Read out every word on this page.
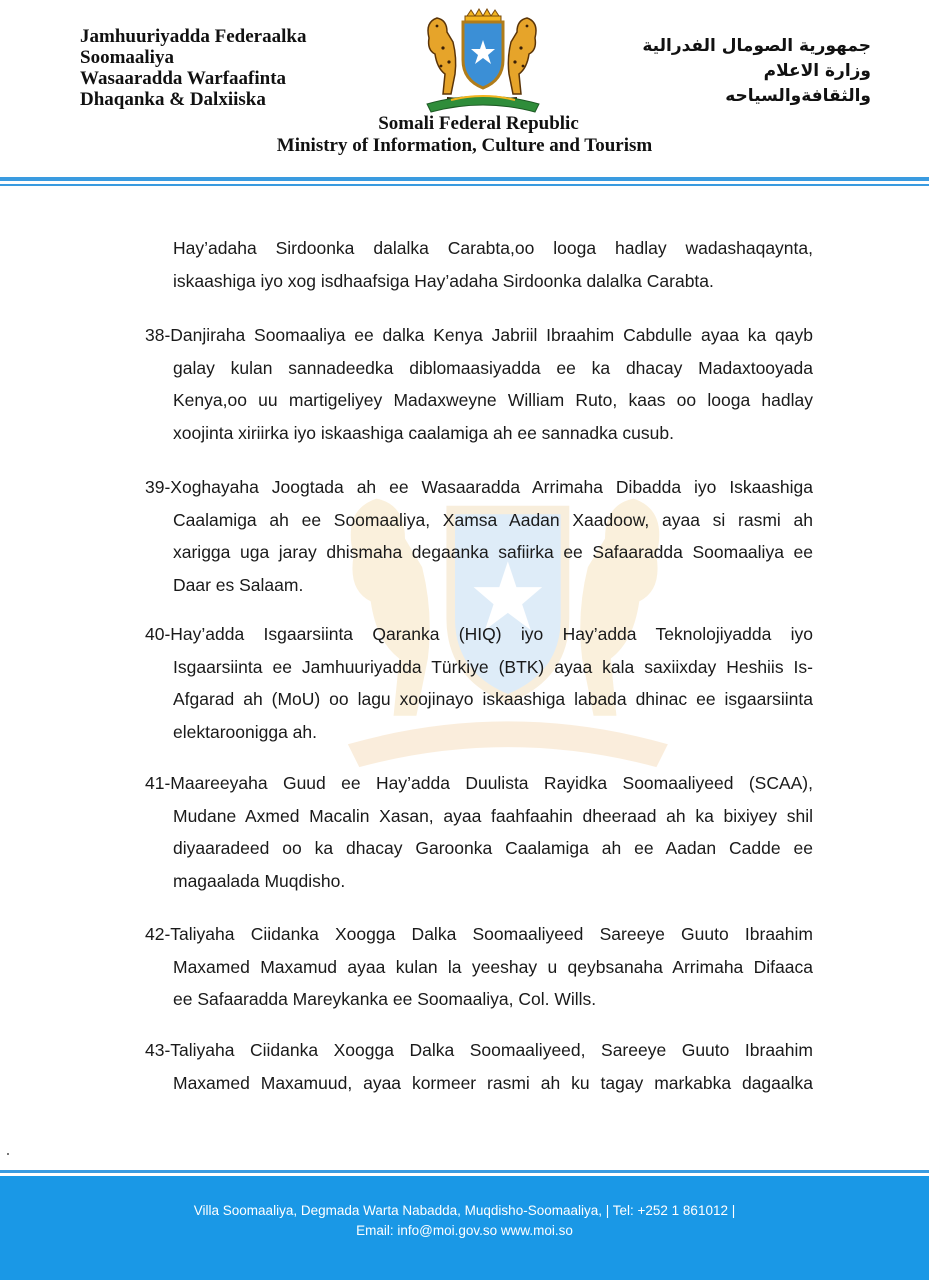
Jamhuuriyadda Federaalka
Soomaaliya
Wasaaradda Warfaafinta
Dhaqanka & Dalxiiska
جمهورية الصومال الفدرالية
وزارة الاعلام
والثقافةوالسياحه
Somali Federal Republic
Ministry of Information, Culture and Tourism
Hay’adaha Sirdoonka dalalka Carabta,oo looga hadlay wadashaqaynta,
iskaashiga iyo xog isdhaafsiga Hay’adaha Sirdoonka dalalka Carabta.
38-Danjiraha Soomaaliya ee dalka Kenya Jabriil Ibraahim Cabdulle ayaa ka qayb
galay kulan sannadeedka diblomaasiyadda ee ka dhacay Madaxtooyada
Kenya,oo uu martigeliyey Madaxweyne William Ruto, kaas oo looga hadlay
xoojinta xiriirka iyo iskaashiga caalamiga ah ee sannadka cusub.
39-Xoghayaha Joogtada ah ee Wasaaradda Arrimaha Dibadda iyo Iskaashiga
Caalamiga ah ee Soomaaliya, Xamsa Aadan Xaadoow, ayaa si rasmi ah
xarigga uga jaray dhismaha degaanka safiirka ee Safaaradda Soomaaliya ee
Daar es Salaam.
40-Hay’adda Isgaarsiinta Qaranka (HIQ) iyo Hay’adda Teknolojiyadda iyo
Isgaarsiinta ee Jamhuuriyadda Türkiye (BTK) ayaa kala saxiixday Heshiis Is-
Afgarad ah (MoU) oo lagu xoojinayo iskaashiga labada dhinac ee isgaarsiinta
elektaroonigga ah.
41-Maareeyaha Guud ee Hay’adda Duulista Rayidka Soomaaliyeed (SCAA),
Mudane Axmed Macalin Xasan, ayaa faahfaahin dheeraad ah ka bixiyey shil
diyaaradeed oo ka dhacay Garoonka Caalamiga ah ee Aadan Cadde ee
magaalada Muqdisho.
42-Taliyaha Ciidanka Xoogga Dalka Soomaaliyeed Sareeye Guuto Ibraahim
Maxamed Maxamud ayaa kulan la yeeshay u qeybsanaha Arrimaha Difaaca
ee Safaaradda Mareykanka ee Soomaaliya, Col. Wills.
43-Taliyaha Ciidanka Xoogga Dalka Soomaaliyeed, Sareeye Guuto Ibraahim
Maxamed Maxamuud, ayaa kormeer rasmi ah ku tagay markabka dagaalka
Villa Soomaaliya, Degmada Warta Nabadda, Muqdisho-Soomaaliya, | Tel: +252 1 861012 |
Email: info@moi.gov.so www.moi.so
